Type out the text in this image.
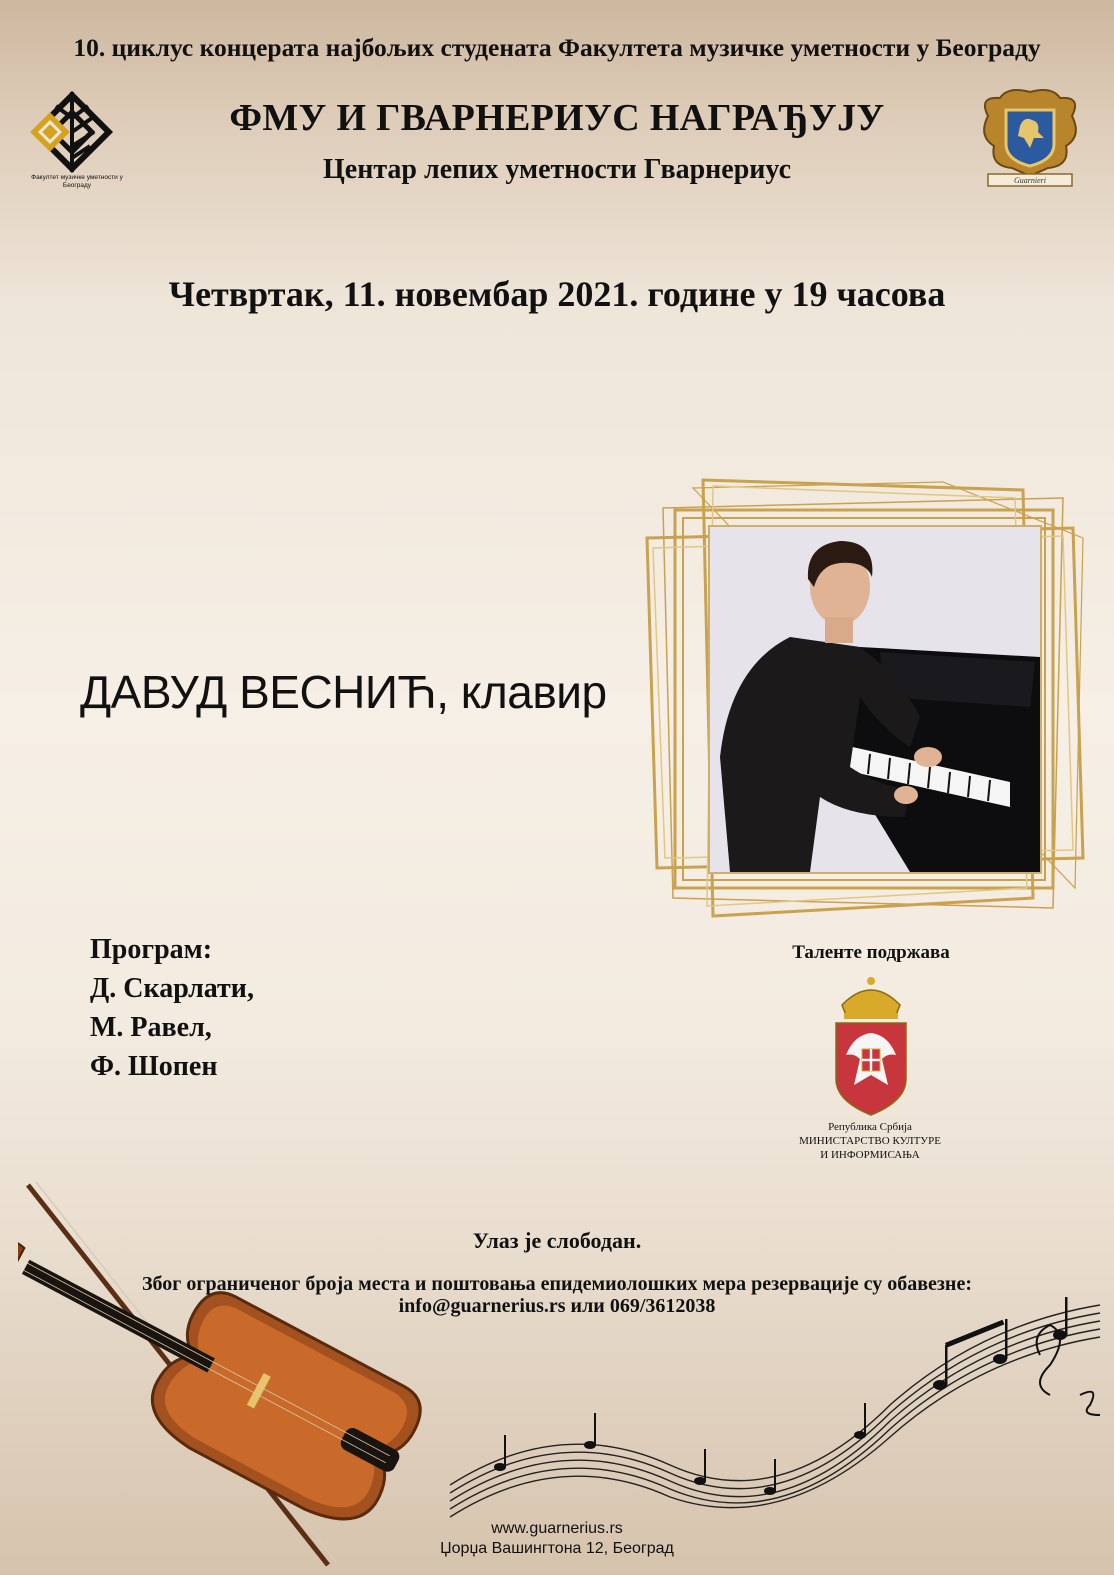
10. циклус концерата најбољих студената Факултета музичке уметности у Београду
Факултет музичке уметности у Београду
ФМУ И ГВАРНЕРИУС НАГРАЂУЈУ
Центар лепих уметности Гварнериус	Guarnieri
Четвртак, 11. новембар 2021. године у 19 часова
ДАВУД ВЕСНИЋ, клавир
Програм:
Д. Скарлати,
М. Равел,
Ф. Шопен
Таленте подржава
Република Србија
МИНИСТАРСТВО КУЛТУРЕ
И ИНФОРМИСАЊА
Улаз је слободан.
Због ограниченог броја места и поштовања епидемиолошких мера резервације су обавезне:
info@guarnerius.rs или 069/3612038
www.guarnerius.rs
Џорџа Вашингтона 12, Београд
